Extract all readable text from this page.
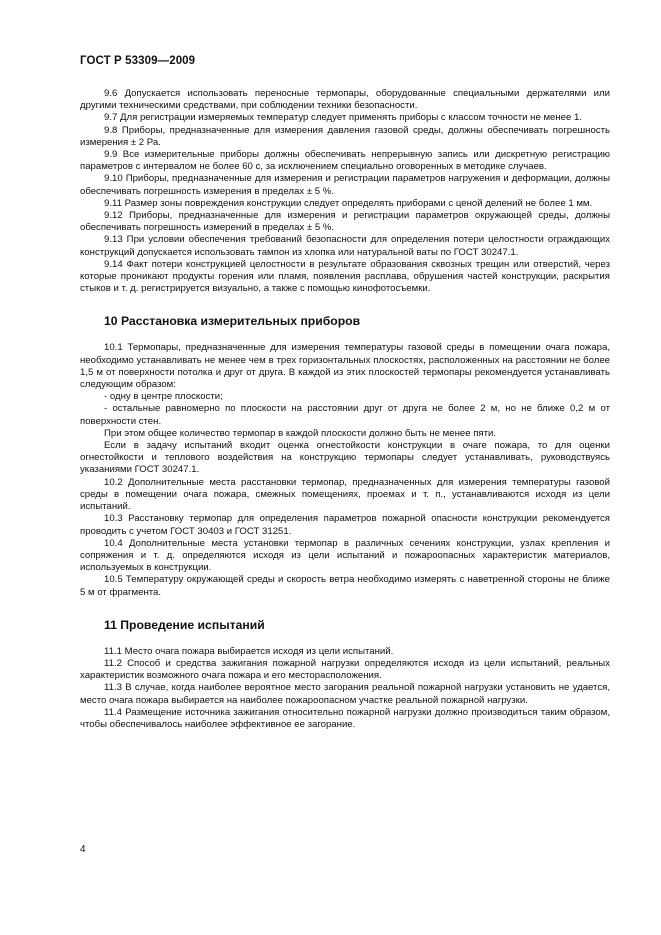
ГОСТ Р 53309—2009

9.6 Допускается использовать переносные термопары, оборудованные специальными держателями или другими техническими средствами, при соблюдении техники безопасности.

9.7 Для регистрации измеряемых температур следует применять приборы с классом точности не менее 1.

9.8 Приборы, предназначенные для измерения давления газовой среды, должны обеспечивать погрешность измерения ± 2 Ра.

9.9 Все измерительные приборы должны обеспечивать непрерывную запись или дискретную регистрацию параметров с интервалом не более 60 с, за исключением специально оговоренных в методике случаев.

9.10 Приборы, предназначенные для измерения и регистрации параметров нагружения и деформации, должны обеспечивать погрешность измерения в пределах ± 5 %.

9.11 Размер зоны повреждения конструкции следует определять приборами с ценой делений не более 1 мм.

9.12 Приборы, предназначенные для измерения и регистрации параметров окружающей среды, должны обеспечивать погрешность измерений в пределах ± 5 %.

9.13 При условии обеспечения требований безопасности для определения потери целостности ограждающих конструкций допускается использовать тампон из хлопка или натуральной ваты по ГОСТ 30247.1.

9.14 Факт потери конструкцией целостности в результате образования сквозных трещин или отверстий, через которые проникают продукты горения или пламя, появления расплава, обрушения частей конструкции, раскрытия стыков и т. д. регистрируется визуально, а также с помощью кинофотосъемки.

10 Расстановка измерительных приборов

10.1 Термопары, предназначенные для измерения температуры газовой среды в помещении очага пожара, необходимо устанавливать не менее чем в трех горизонтальных плоскостях, расположенных на расстоянии не более 1,5 м от поверхности потолка и друг от друга. В каждой из этих плоскостей термопары рекомендуется устанавливать следующим образом:

- одну в центре плоскости;

- остальные равномерно по плоскости на расстоянии друг от друга не более 2 м, но не ближе 0,2 м от поверхности стен.

При этом общее количество термопар в каждой плоскости должно быть не менее пяти.

Если в задачу испытаний входит оценка огнестойкости конструкции в очаге пожара, то для оценки огнестойкости и теплового воздействия на конструкцию термопары следует устанавливать, руководствуясь указаниями ГОСТ 30247.1.

10.2 Дополнительные места расстановки термопар, предназначенных для измерения температуры газовой среды в помещении очага пожара, смежных помещениях, проемах и т. п., устанавливаются исходя из цели испытаний.

10.3 Расстановку термопар для определения параметров пожарной опасности конструкции рекомендуется проводить с учетом ГОСТ 30403 и ГОСТ 31251.

10.4 Дополнительные места установки термопар в различных сечениях конструкции, узлах крепления и сопряжения и т. д. определяются исходя из цели испытаний и пожароопасных характеристик материалов, используемых в конструкции.

10.5 Температуру окружающей среды и скорость ветра необходимо измерять с наветренной стороны не ближе 5 м от фрагмента.

11 Проведение испытаний

11.1 Место очага пожара выбирается исходя из цели испытаний.

11.2 Способ и средства зажигания пожарной нагрузки определяются исходя из цели испытаний, реальных характеристик возможного очага пожара и его месторасположения.

11.3 В случае, когда наиболее вероятное место загорания реальной пожарной нагрузки установить не удается, место очага пожара выбирается на наиболее пожароопасном участке реальной пожарной нагрузки.

11.4 Размещение источника зажигания относительно пожарной нагрузки должно производиться таким образом, чтобы обеспечивалось наиболее эффективное ее загорание.

4
